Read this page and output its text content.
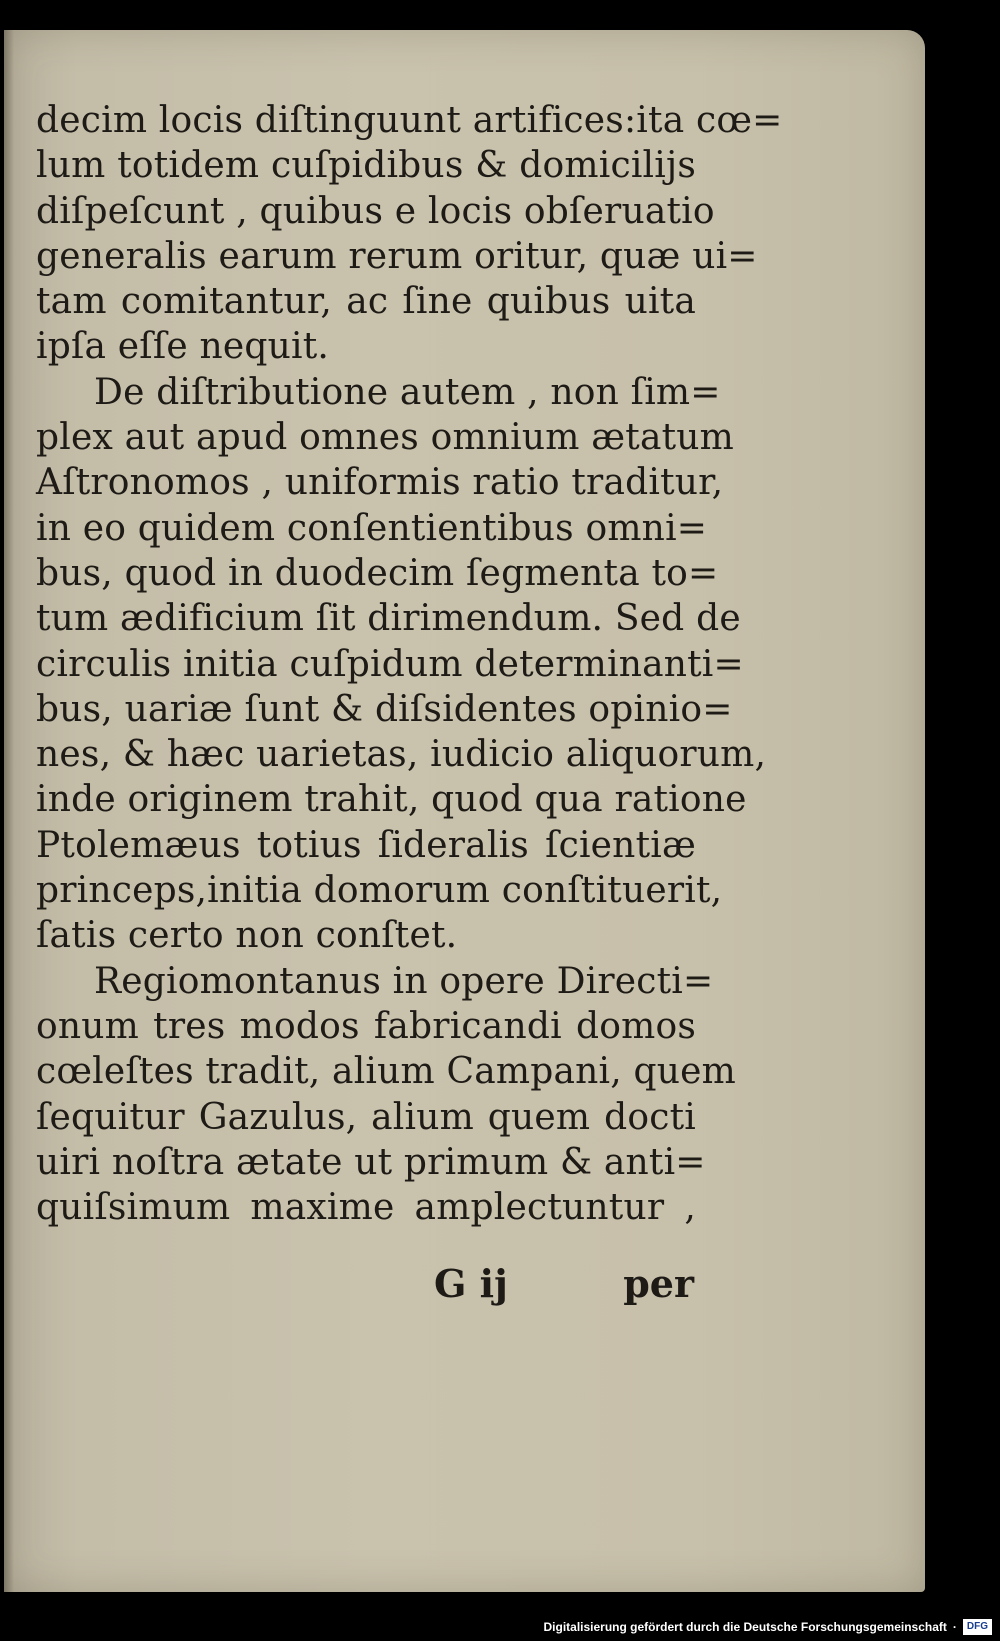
decim locis diſtinguunt artifices:ita cœ=
lum totidem cuſpidibus & domicilijs
diſpeſcunt , quibus e locis obſeruatio
generalis earum rerum oritur, quæ ui=
tam comitantur, ac ſine quibus uita
ipſa eſſe nequit.
De diſtributione autem , non ſim=
plex aut apud omnes omnium ætatum
Aſtronomos , uniformis ratio traditur,
in eo quidem conſentientibus omni=
bus, quod in duodecim ſegmenta to=
tum ædificium ſit dirimendum. Sed de
circulis initia cuſpidum determinanti=
bus, uariæ ſunt & diſsidentes opinio=
nes, & hæc uarietas, iudicio aliquorum,
inde originem trahit, quod qua ratione
Ptolemæus totius ſideralis ſcientiæ
princeps,initia domorum conſtituerit,
ſatis certo non conſtet.
Regiomontanus in opere Directi=
onum tres modos fabricandi domos
cœleſtes tradit, alium Campani, quem
ſequitur Gazulus, alium quem docti
uiri noſtra ætate ut primum & anti=
quiſsimum maxime amplectuntur ,
G ij	per
Digitalisierung gefördert durch die Deutsche Forschungsgemeinschaft ·	DFG
